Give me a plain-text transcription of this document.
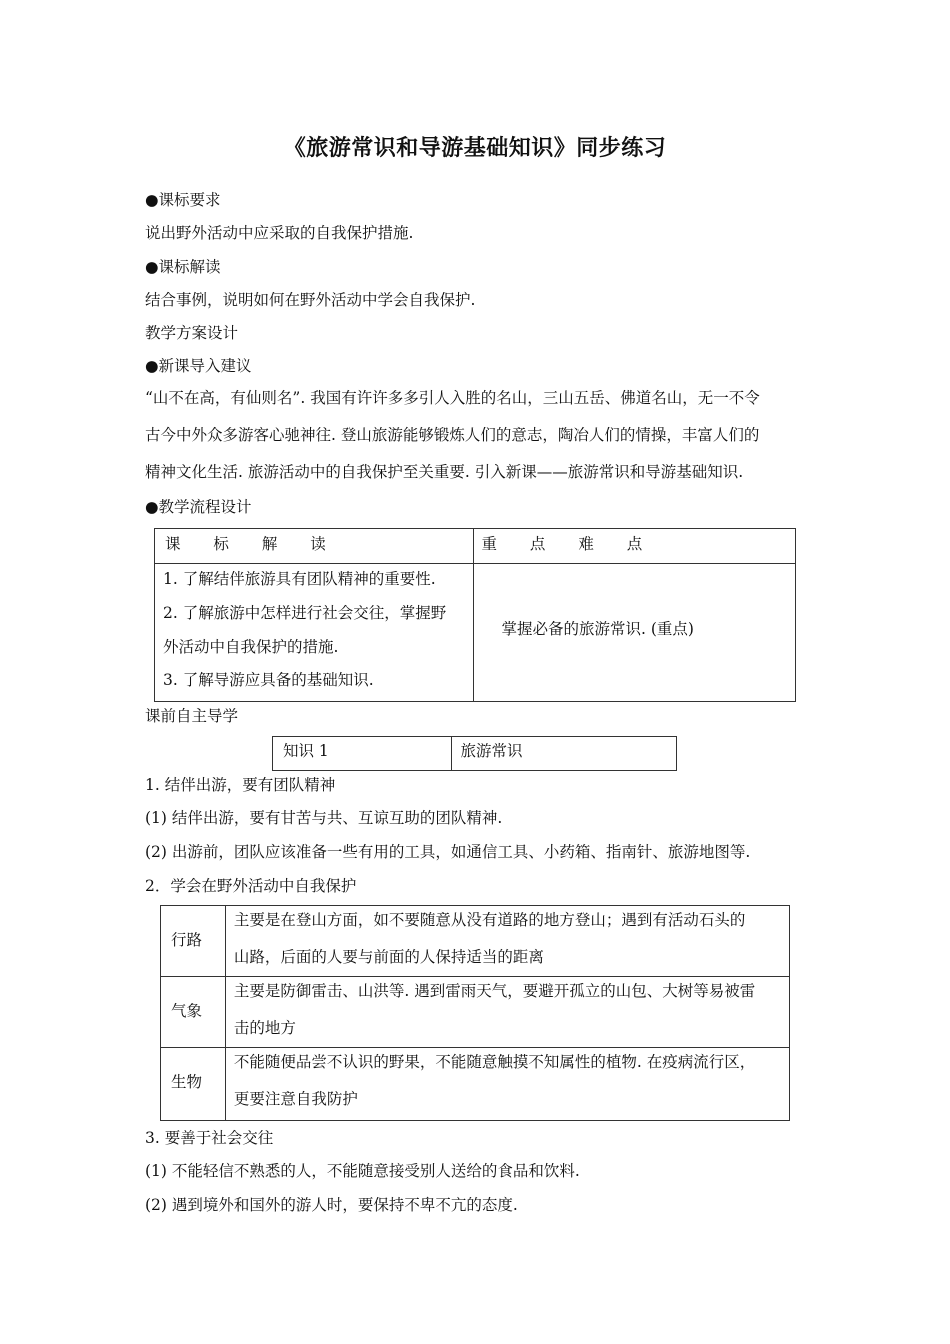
《旅游常识和导游基础知识》同步练习
●课标要求
说出野外活动中应采取的自我保护措施.
●课标解读
结合事例，说明如何在野外活动中学会自我保护.
教学方案设计
●新课导入建议
“山不在高，有仙则名”. 我国有许许多多引人入胜的名山，三山五岳、佛道名山，无一不令
古今中外众多游客心驰神往. 登山旅游能够锻炼人们的意志，陶冶人们的情操，丰富人们的
精神文化生活. 旅游活动中的自我保护至关重要. 引入新课——旅游常识和导游基础知识.
●教学流程设计
课 标 解 读	重 点 难 点

1. 了解结伴旅游具有团队精神的重要性.
2. 了解旅游中怎样进行社会交往，掌握野
外活动中自我保护的措施.
3. 了解导游应具备的基础知识.	掌握必备的旅游常识. (重点)
课前自主导学
知识 1	旅游常识
1. 结伴出游，要有团队精神
(1) 结伴出游，要有甘苦与共、互谅互助的团队精神.
(2) 出游前，团队应该准备一些有用的工具，如通信工具、小药箱、指南针、旅游地图等.
2．学会在野外活动中自我保护
行路	主要是在登山方面，如不要随意从没有道路的地方登山；遇到有活动石头的
山路，后面的人要与前面的人保持适当的距离

气象	主要是防御雷击、山洪等. 遇到雷雨天气，要避开孤立的山包、大树等易被雷
击的地方

生物	不能随便品尝不认识的野果，不能随意触摸不知属性的植物. 在疫病流行区，
更要注意自我防护
3. 要善于社会交往
(1) 不能轻信不熟悉的人，不能随意接受别人送给的食品和饮料.
(2) 遇到境外和国外的游人时，要保持不卑不亢的态度.
